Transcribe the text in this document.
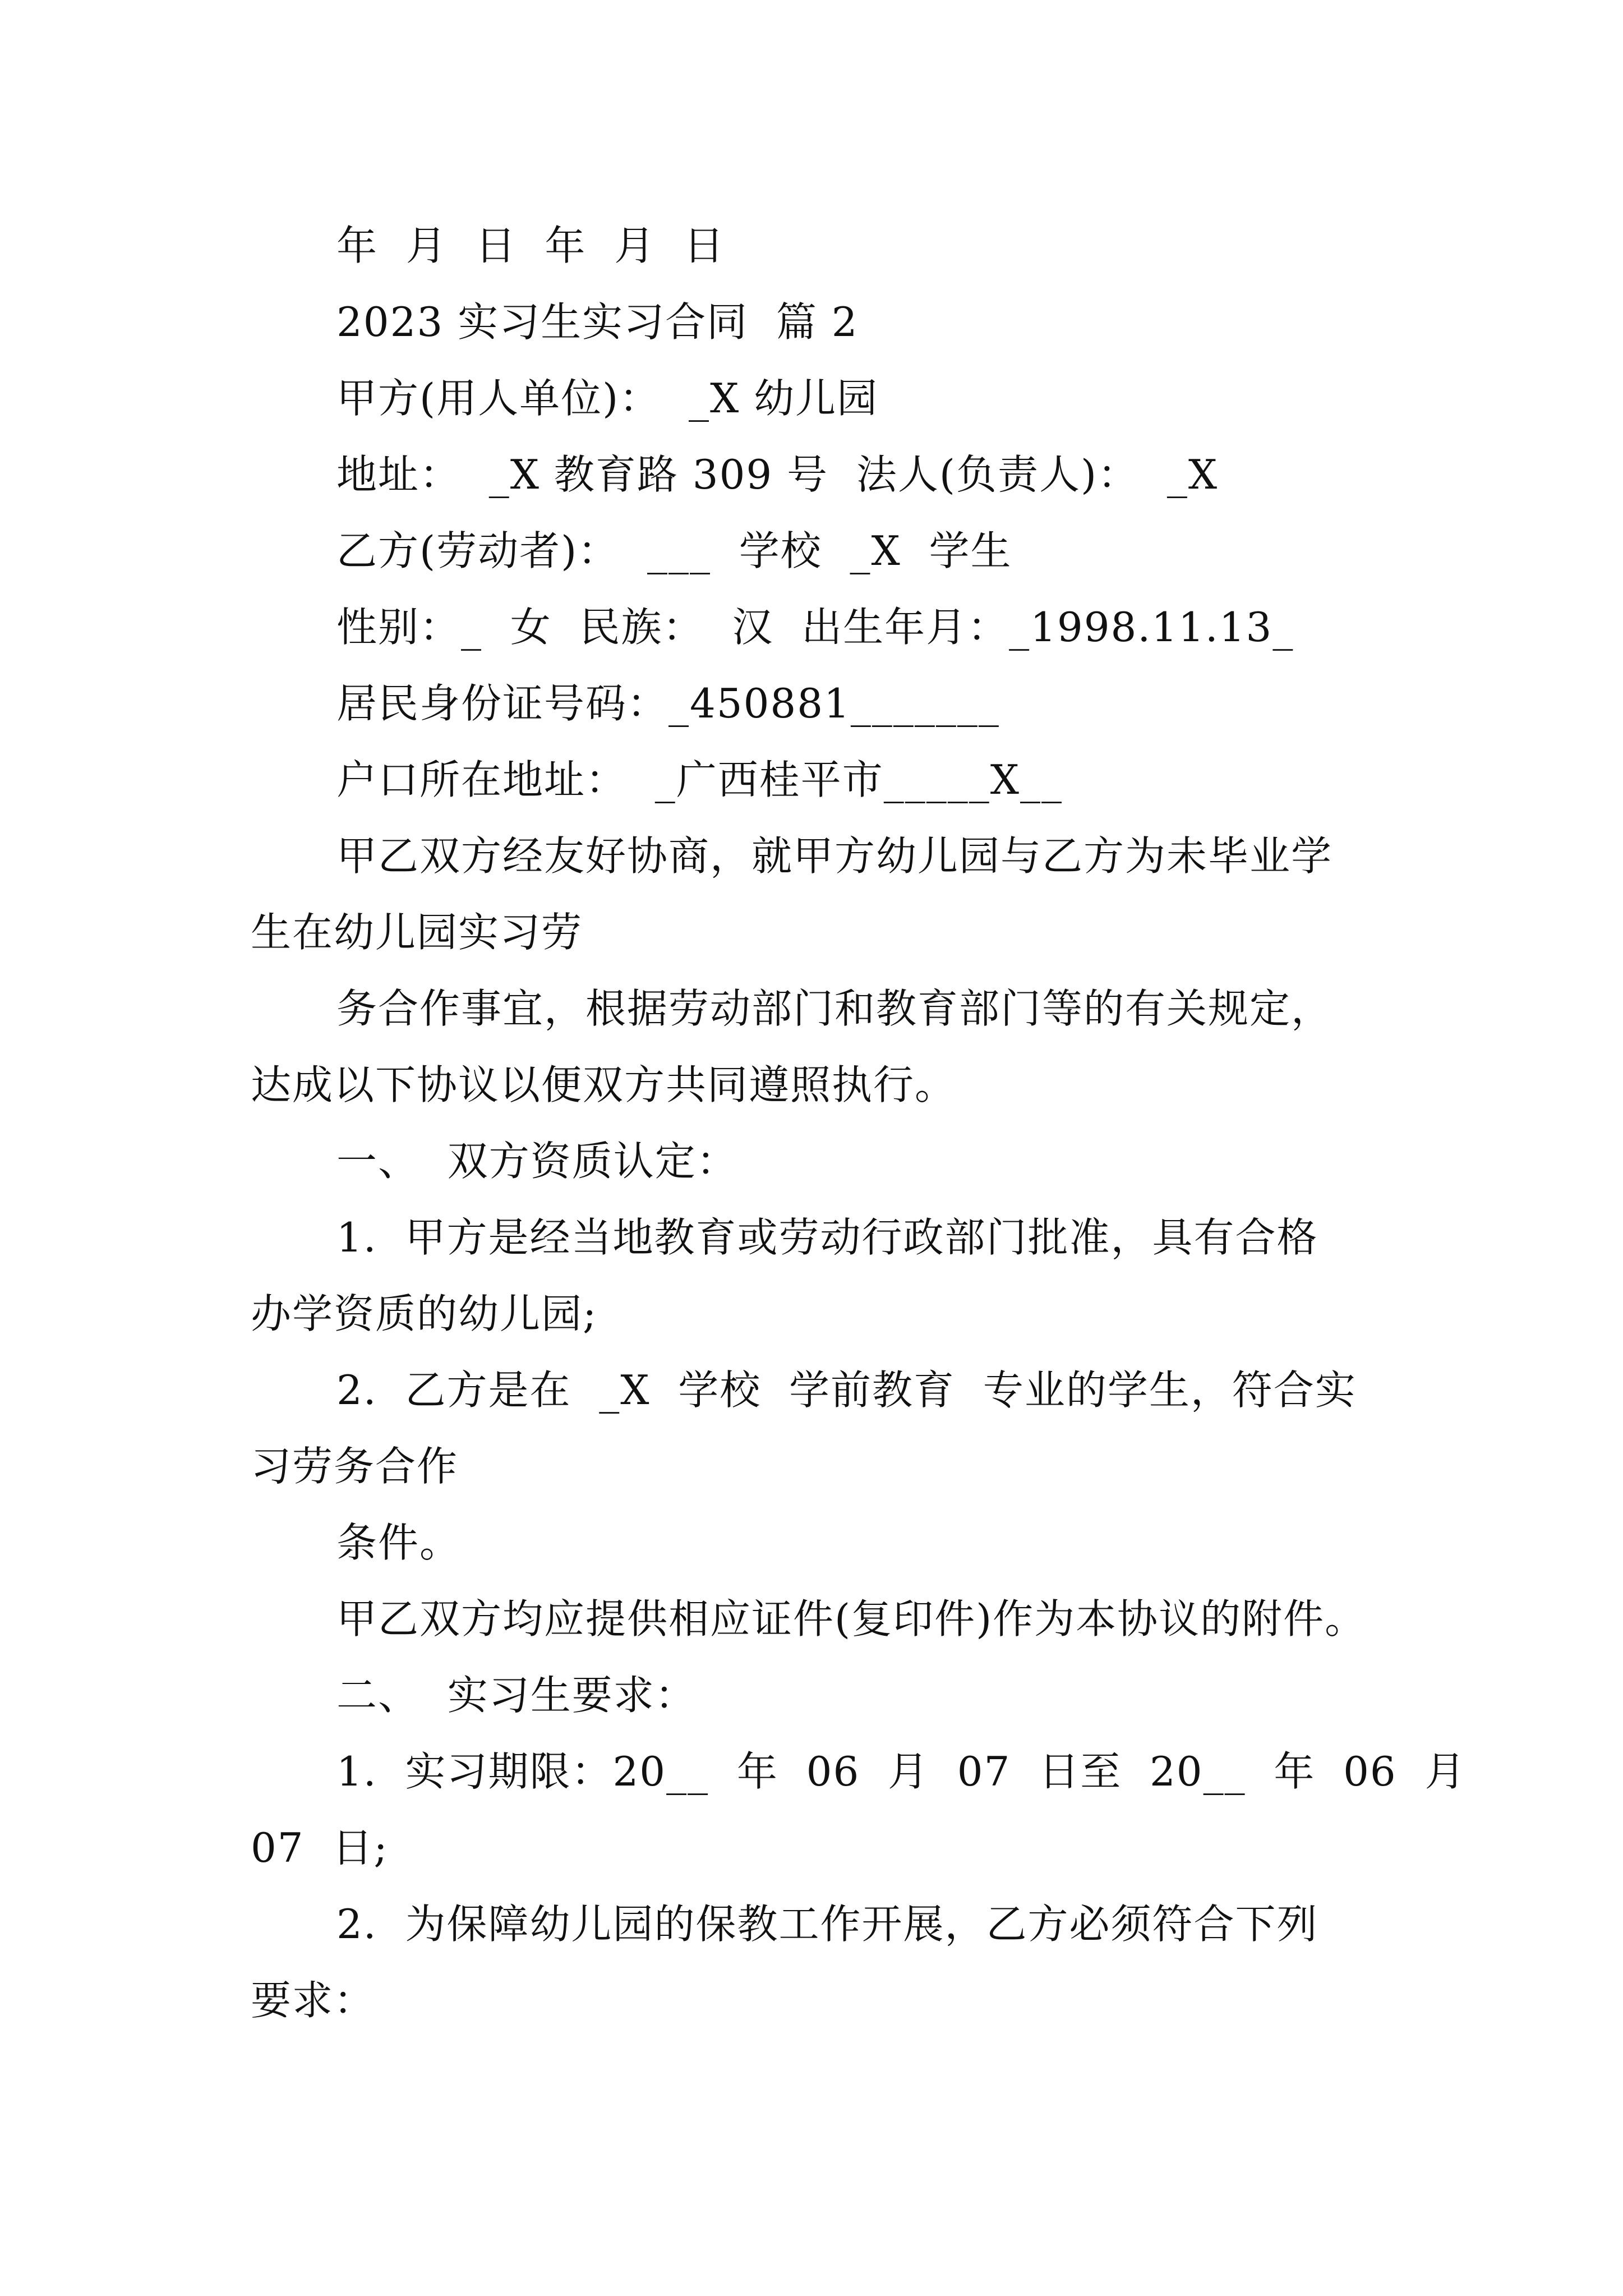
年  月  日  年  月  日
2023 实习生实习合同  篇 2
甲方(用人单位)：  _X 幼儿园
地址：  _X 教育路 309 号  法人(负责人)：  _X
乙方(劳动者)：  ___  学校  _X  学生
性别：_  女  民族：  汉  出生年月：_1998.11.13_
居民身份证号码：_450881_______
户口所在地址：  _广西桂平市_____X__
甲乙双方经友好协商，就甲方幼儿园与乙方为未毕业学
生在幼儿园实习劳
务合作事宜，根据劳动部门和教育部门等的有关规定，
达成以下协议以便双方共同遵照执行。
一、  双方资质认定：
1.  甲方是经当地教育或劳动行政部门批准，具有合格
办学资质的幼儿园;
2.  乙方是在  _X  学校  学前教育  专业的学生，符合实
习劳务合作
条件。
甲乙双方均应提供相应证件(复印件)作为本协议的附件。
二、  实习生要求：
1.  实习期限：20__  年  06  月  07  日至  20__  年  06  月
07  日;
2.  为保障幼儿园的保教工作开展，乙方必须符合下列
要求：
